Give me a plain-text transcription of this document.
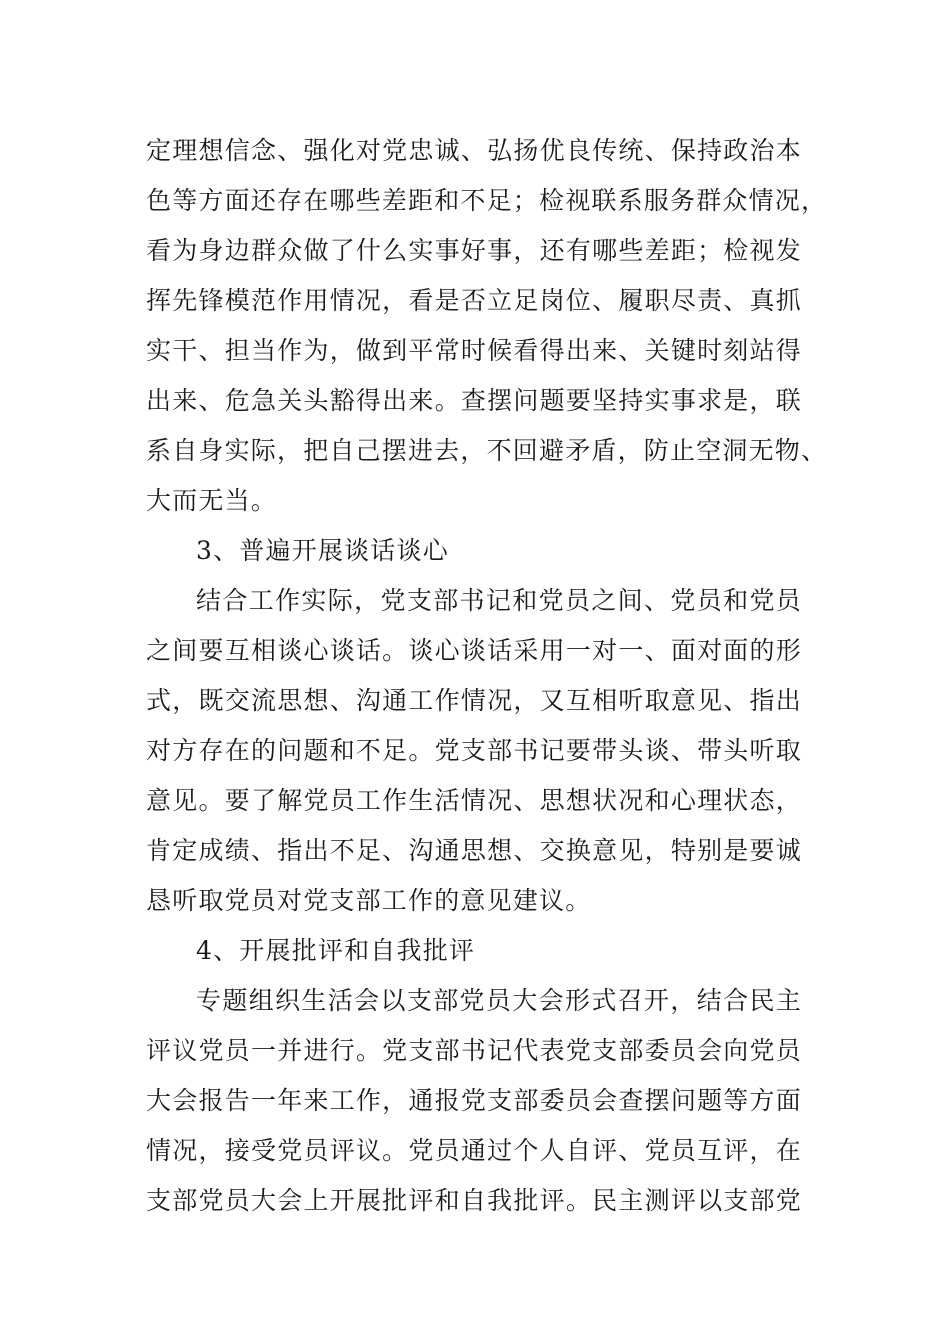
定理想信念、强化对党忠诚、弘扬优良传统、保持政治本
色等方面还存在哪些差距和不足；检视联系服务群众情况，
看为身边群众做了什么实事好事，还有哪些差距；检视发
挥先锋模范作用情况，看是否立足岗位、履职尽责、真抓
实干、担当作为，做到平常时候看得出来、关键时刻站得
出来、危急关头豁得出来。查摆问题要坚持实事求是，联
系自身实际，把自己摆进去，不回避矛盾，防止空洞无物、
大而无当。
3、普遍开展谈话谈心
结合工作实际，党支部书记和党员之间、党员和党员
之间要互相谈心谈话。谈心谈话采用一对一、面对面的形
式，既交流思想、沟通工作情况，又互相听取意见、指出
对方存在的问题和不足。党支部书记要带头谈、带头听取
意见。要了解党员工作生活情况、思想状况和心理状态，
肯定成绩、指出不足、沟通思想、交换意见，特别是要诚
恳听取党员对党支部工作的意见建议。
4、开展批评和自我批评
专题组织生活会以支部党员大会形式召开，结合民主
评议党员一并进行。党支部书记代表党支部委员会向党员
大会报告一年来工作，通报党支部委员会查摆问题等方面
情况，接受党员评议。党员通过个人自评、党员互评，在
支部党员大会上开展批评和自我批评。民主测评以支部党
